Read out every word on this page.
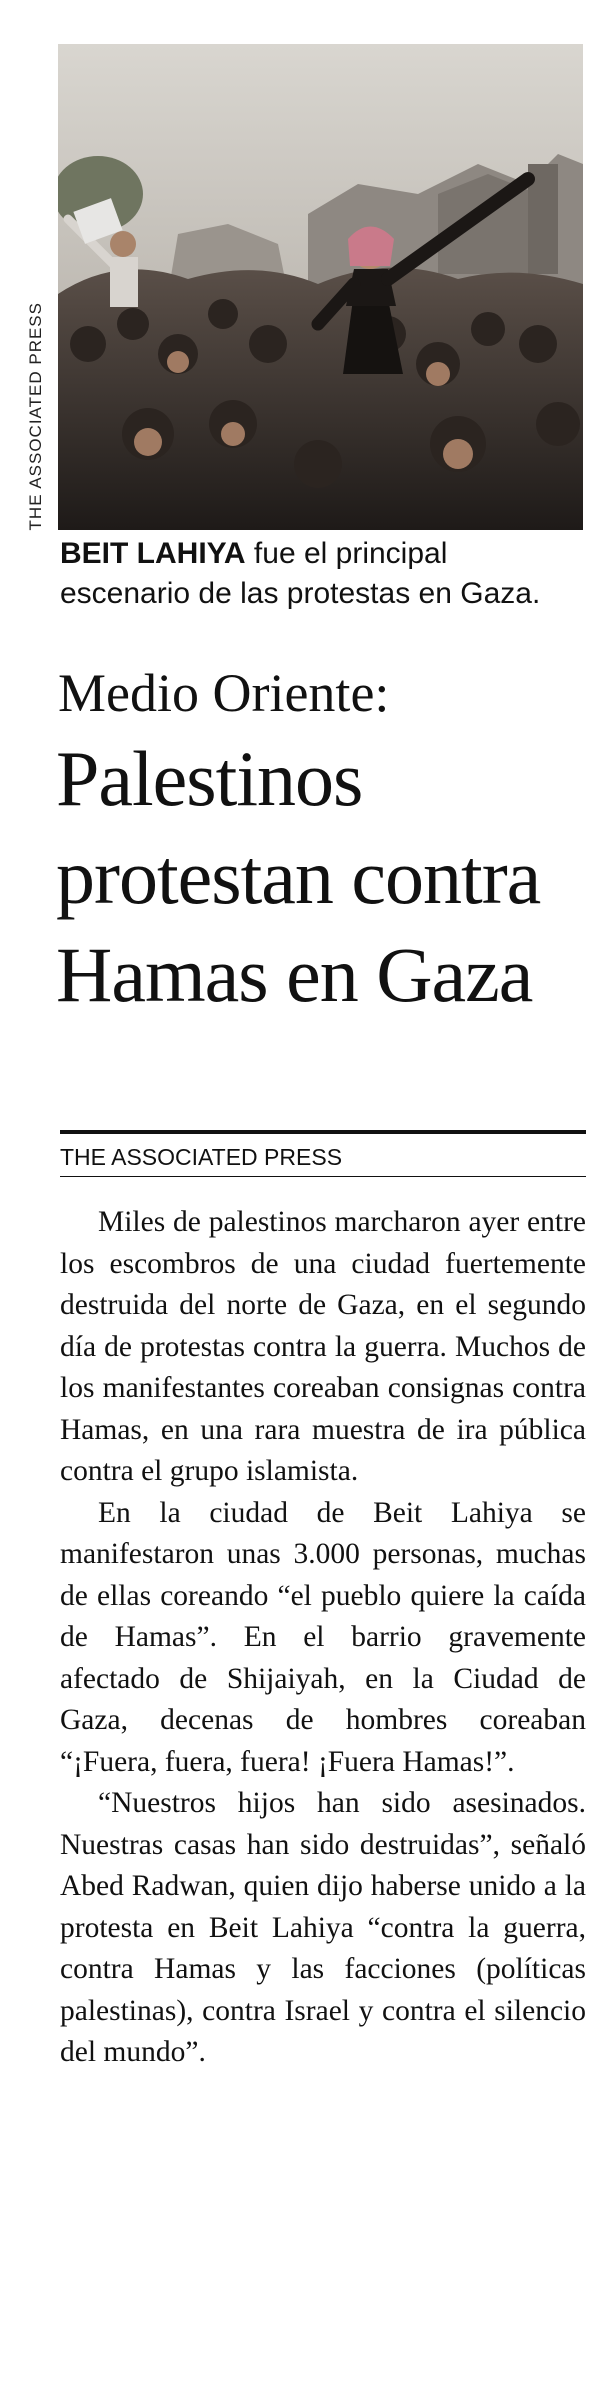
THE ASSOCIATED PRESS
BEIT LAHIYA fue el principal escenario de las protestas en Gaza.
Medio Oriente:
Palestinos protestan contra Hamas en Gaza
THE ASSOCIATED PRESS

Miles de palestinos marcharon ayer entre los escombros de una ciudad fuertemente destruida del norte de Gaza, en el segundo día de protestas contra la guerra. Muchos de los manifestantes coreaban consignas contra Hamas, en una rara muestra de ira pública contra el grupo islamista.

En la ciudad de Beit Lahiya se manifestaron unas 3.000 personas, muchas de ellas coreando “el pueblo quiere la caída de Hamas”. En el barrio gravemente afectado de Shijaiyah, en la Ciudad de Gaza, decenas de hombres coreaban “¡Fuera, fuera, fuera! ¡Fuera Hamas!”.

“Nuestros hijos han sido asesinados. Nuestras casas han sido destruidas”, señaló Abed Radwan, quien dijo haberse unido a la protesta en Beit Lahiya “contra la guerra, contra Hamas y las facciones (políticas palestinas), contra Israel y contra el silencio del mundo”.
